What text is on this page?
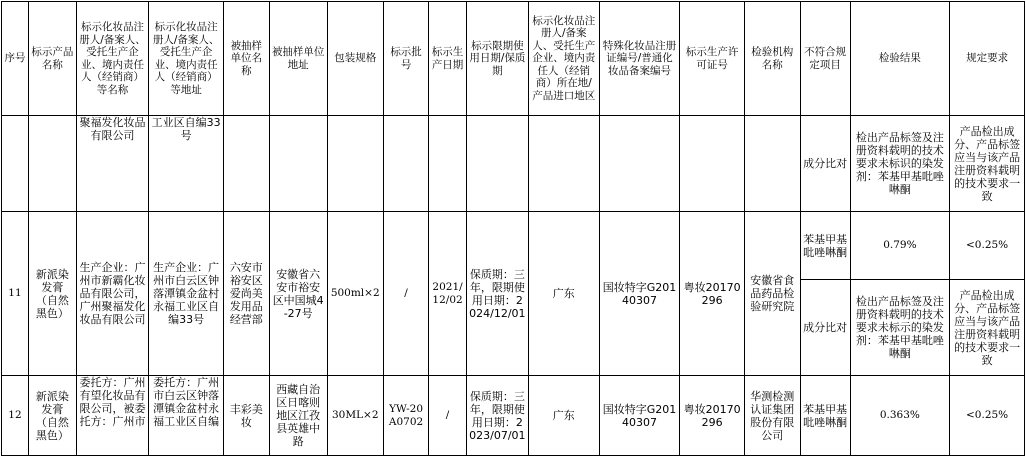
序号	标示产品名称	标示化妆品注册人/备案人、受托生产企业、境内责任人（经销商）等名称	标示化妆品注册人/备案人、受托生产企业、境内责任人（经销商）等地址	被抽样单位名称	被抽样单位地址	包装规格	标示批号	标示生产日期	标示限期使用日期/保质期	标示化妆品注册人/备案人、受托生产企业、境内责任人（经销商）所在地/产品进口地区	特殊化妆品注册证编号/普通化妆品备案编号	标示生产许可证号	检验机构名称	不符合规定项目	检验结果	规定要求
		聚福发化妆品有限公司	工业区自编33号											成分比对	检出产品标签及注册资料载明的技术要求未标识的染发剂：苯基甲基吡唑啉酮	产品检出成分、产品标签应当与该产品注册资料载明的技术要求一致
11	新派染发膏（自然黑色）	生产企业：广州市新霸化妆品有限公司，广州聚福发化妆品有限公司	生产企业：广州市白云区钟落潭镇金盆村永福工业区自编33号	六安市裕安区爱尚美发用品经营部	安徽省六安市裕安区中国城4-27号	500ml×2	/	2021/12/02	保质期：三年，限期使用日期：2024/12/01	广东	国妆特字G20140307	粤妆20170296	安徽省食品药品检验研究院	苯基甲基吡唑啉酮	0.79%	<0.25%
														成分比对	检出产品标签及注册资料载明的技术要求未标示的染发剂：苯基甲基吡唑啉酮	产品检出成分、产品标签应当与该产品注册资料载明的技术要求一致
12	新派染发膏（自然黑色）	委托方：广州有望化妆品有限公司，被委托方：广州市	委托方：广州市白云区钟落潭镇金盆村永福工业区自编	丰彩美妆	西藏自治区日喀则地区江孜县英雄中路	30ML×2	YW-20A0702	/	保质期：三年，限期使用日期：2023/07/01	广东	国妆特字G20140307	粤妆20170296	华测检测认证集团股份有限公司	苯基甲基吡唑啉酮	0.363%	<0.25%
